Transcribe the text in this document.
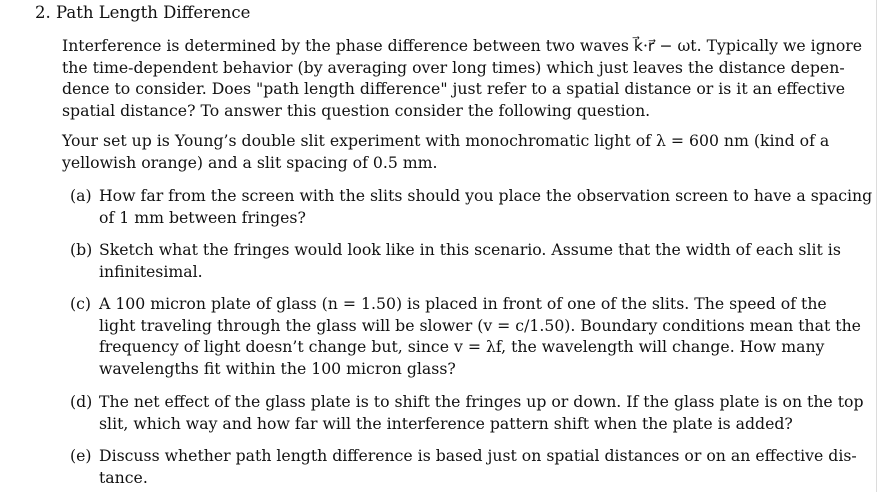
2. Path Length Difference
Interference is determined by the phase difference between two waves k⃗·r⃗ − ωt. Typically we ignore
the time-dependent behavior (by averaging over long times) which just leaves the distance depen-
dence to consider. Does "path length difference" just refer to a spatial distance or is it an effective
spatial distance? To answer this question consider the following question.
Your set up is Young’s double slit experiment with monochromatic light of λ = 600 nm (kind of a
yellowish orange) and a slit spacing of 0.5 mm.
(a) How far from the screen with the slits should you place the observation screen to have a spacing
of 1 mm between fringes?
(b) Sketch what the fringes would look like in this scenario. Assume that the width of each slit is
infinitesimal.
(c) A 100 micron plate of glass (n = 1.50) is placed in front of one of the slits. The speed of the
light traveling through the glass will be slower (v = c/1.50). Boundary conditions mean that the
frequency of light doesn’t change but, since v = λf, the wavelength will change. How many
wavelengths fit within the 100 micron glass?
(d) The net effect of the glass plate is to shift the fringes up or down. If the glass plate is on the top
slit, which way and how far will the interference pattern shift when the plate is added?
(e) Discuss whether path length difference is based just on spatial distances or on an effective dis-
tance.
